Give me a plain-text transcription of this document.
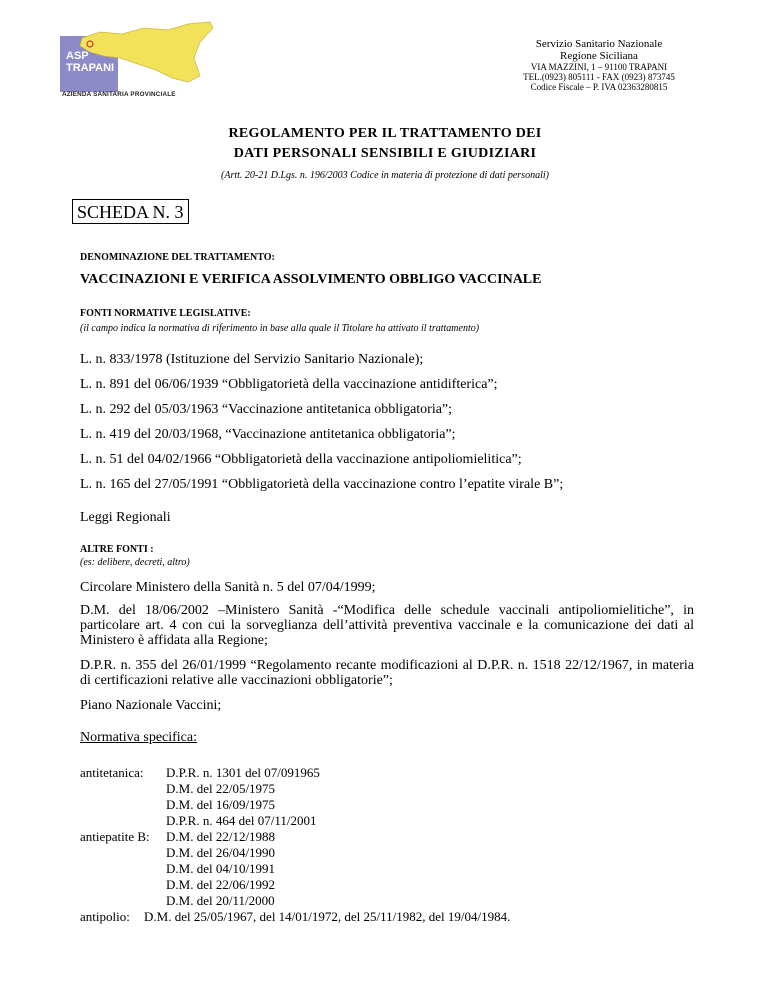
ASP
TRAPANI
AZIENDA SANITARIA PROVINCIALE
Servizio Sanitario Nazionale
Regione Siciliana
VIA MAZZINI, 1 – 91100 TRAPANI
TEL.(0923) 805111 - FAX (0923) 873745
Codice Fiscale – P. IVA 02363280815
REGOLAMENTO PER IL TRATTAMENTO DEI
DATI PERSONALI SENSIBILI E GIUDIZIARI
(Artt. 20-21 D.Lgs. n. 196/2003 Codice in materia di protezione di dati personali)
SCHEDA N. 3
DENOMINAZIONE DEL TRATTAMENTO:
VACCINAZIONI E VERIFICA ASSOLVIMENTO OBBLIGO VACCINALE
FONTI NORMATIVE LEGISLATIVE:
(il campo indica la normativa di riferimento in base alla quale il Titolare ha attivato il trattamento)
L. n. 833/1978 (Istituzione del Servizio Sanitario Nazionale);
L. n. 891 del 06/06/1939 “Obbligatorietà della vaccinazione antidifterica”;
L. n. 292 del 05/03/1963 “Vaccinazione antitetanica obbligatoria”;
L. n. 419 del 20/03/1968, “Vaccinazione antitetanica obbligatoria”;
L. n. 51 del 04/02/1966 “Obbligatorietà della vaccinazione antipoliomielitica”;
L. n. 165 del 27/05/1991 “Obbligatorietà della vaccinazione contro l’epatite virale B”;
Leggi Regionali
ALTRE FONTI :
(es: delibere, decreti, altro)
Circolare Ministero della Sanità n. 5 del 07/04/1999;
D.M. del 18/06/2002 –Ministero Sanità -“Modifica delle schedule vaccinali antipoliomielitiche”, in particolare art. 4 con cui la sorveglianza dell’attività preventiva vaccinale e la comunicazione dei dati al Ministero è affidata alla Regione;
D.P.R. n. 355 del 26/01/1999 “Regolamento recante modificazioni al D.P.R. n. 1518 22/12/1967, in materia di certificazioni relative alle vaccinazioni obbligatorie”;
Piano Nazionale Vaccini;
Normativa specifica:
antitetanica: D.P.R. n. 1301 del 07/091965
D.M. del 22/05/1975
D.M. del 16/09/1975
D.P.R. n. 464 del 07/11/2001
antiepatite B: D.M. del 22/12/1988
D.M. del 26/04/1990
D.M. del 04/10/1991
D.M. del 22/06/1992
D.M. del 20/11/2000
antipolio: D.M. del 25/05/1967, del 14/01/1972, del 25/11/1982, del 19/04/1984.
